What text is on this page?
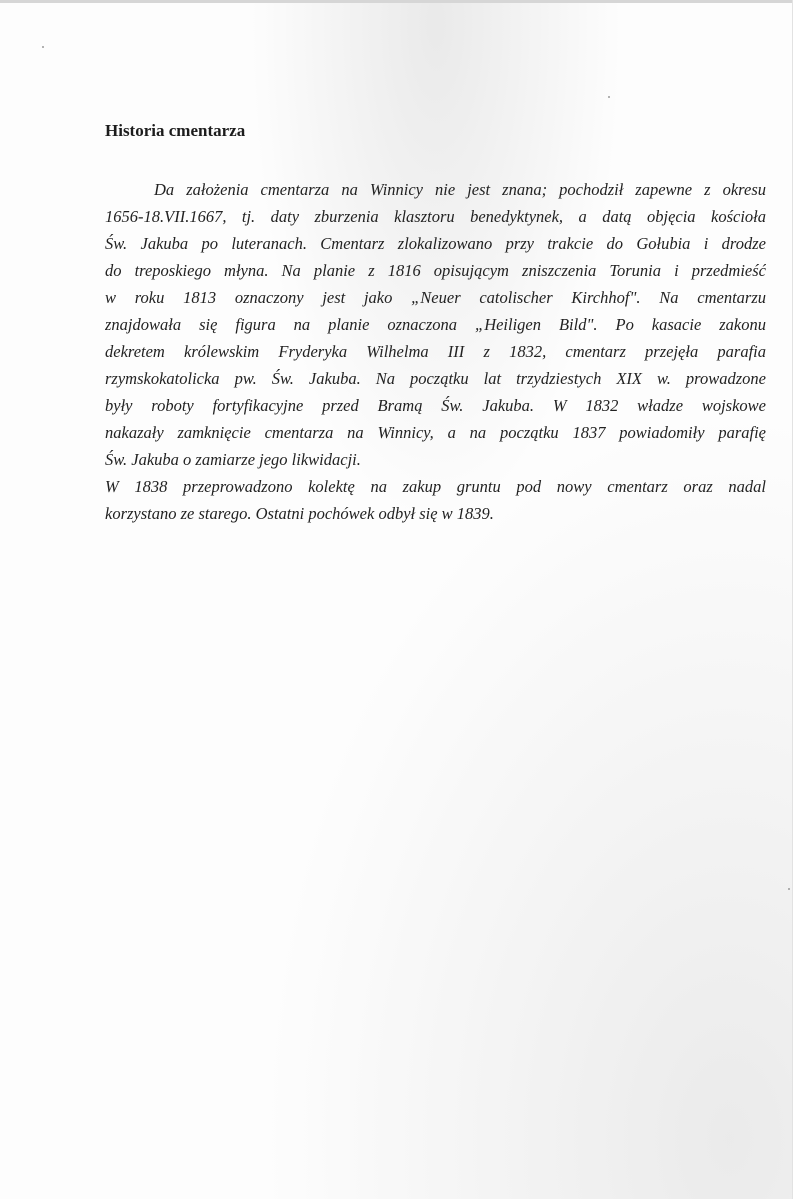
Historia cmentarza
Da założenia cmentarza na Winnicy nie jest znana; pochodził zapewne z okresu
1656-18.VII.1667, tj. daty zburzenia klasztoru benedyktynek, a datą objęcia kościoła
Św. Jakuba po luteranach. Cmentarz zlokalizowano przy trakcie do Gołubia i drodze
do treposkiego młyna. Na planie z 1816 opisującym zniszczenia Torunia i przedmieść
w roku 1813 oznaczony jest jako „Neuer catolischer Kirchhof". Na cmentarzu
znajdowała się figura na planie oznaczona „Heiligen Bild". Po kasacie zakonu
dekretem królewskim Fryderyka Wilhelma III z 1832, cmentarz przejęła parafia
rzymskokatolicka pw. Św. Jakuba. Na początku lat trzydziestych XIX w. prowadzone
były roboty fortyfikacyjne przed Bramą Św. Jakuba. W 1832 władze wojskowe
nakazały zamknięcie cmentarza na Winnicy, a na początku 1837 powiadomiły parafię
Św. Jakuba o zamiarze jego likwidacji.
W 1838 przeprowadzono kolektę na zakup gruntu pod nowy cmentarz oraz nadal
korzystano ze starego. Ostatni pochówek odbył się w 1839.
